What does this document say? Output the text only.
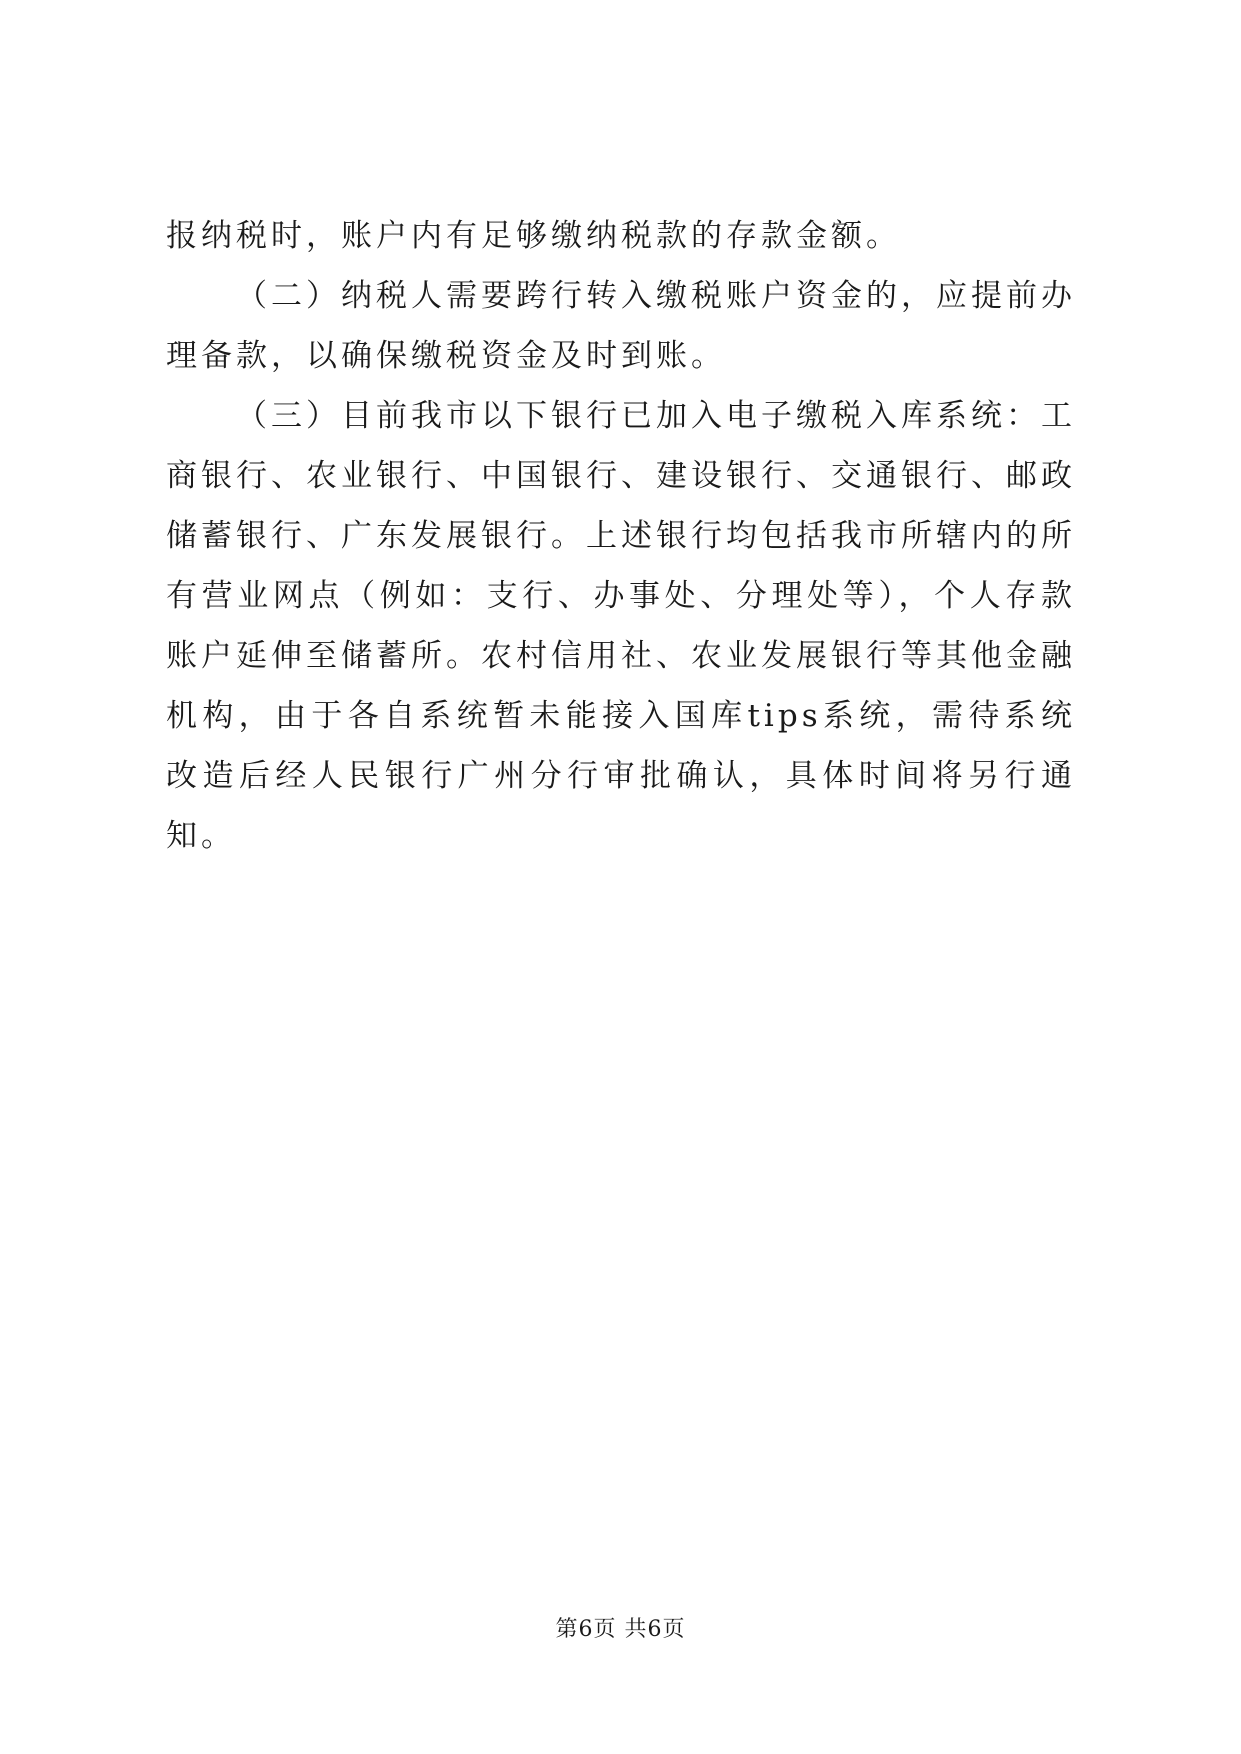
报纳税时，账户内有足够缴纳税款的存款金额。

（二）纳税人需要跨行转入缴税账户资金的，应提前办理备款，以确保缴税资金及时到账。

（三）目前我市以下银行已加入电子缴税入库系统：工商银行、农业银行、中国银行、建设银行、交通银行、邮政储蓄银行、广东发展银行。上述银行均包括我市所辖内的所有营业网点（例如：支行、办事处、分理处等），个人存款账户延伸至储蓄所。农村信用社、农业发展银行等其他金融机构，由于各自系统暂未能接入国库tips系统，需待系统改造后经人民银行广州分行审批确认，具体时间将另行通知。

第6页 共6页
